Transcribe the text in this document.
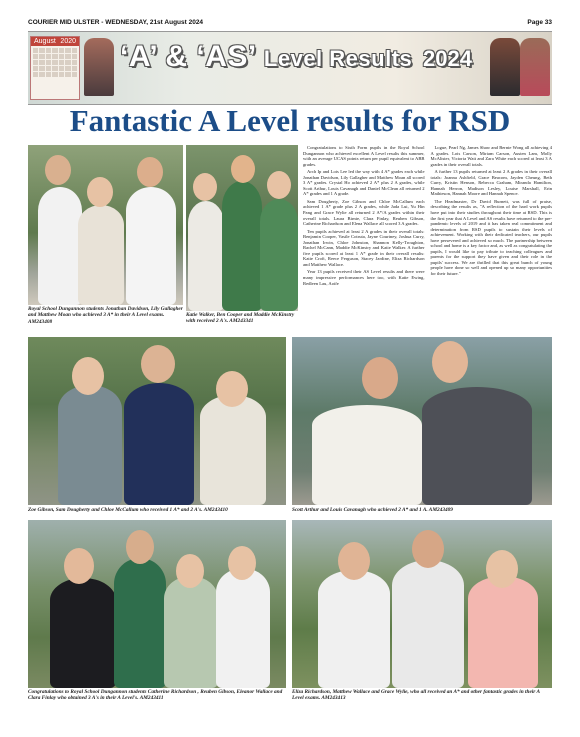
COURIER MID ULSTER - WEDNESDAY, 21st August 2024	Page 33
August 2020 ‘A’ & ‘AS’ Level Results 2024
Fantastic A Level results for RSD
Royal School Dungannon students Jonathan Davidson, Lily Gallagher and Matthew Moan who achieved 3 A* in their A Level exams. AM243408
Katie Walker, Ben Cooper and Maddie McKinstry with received 2 A's. AM243341

Congratulations to Sixth Form pupils in the Royal School Dungannon who achieved excellent A Level results this summer, with an average UCAS points return per pupil equivalent to ABB grades.

Arch Ip and Lois Lee led the way with 4 A* grades each while Jonathan Davidson, Lily Gallagher and Matthew Moan all scored 3 A* grades. Crystal Ho achieved 2 A* plus 2 A grades, while Scott Arthur, Louis Cavanagh and Daniel McClean all returned 2 A* grades and 1 A grade.

Sam Dougherty, Zoe Gibson and Chloe McCallum each achieved 1 A* grade plus 2 A grades, while Jada Lui, Yu Hin Pang and Grace Wylie all returned 2 A*/A grades within their overall totals. Laura Birnie, Clara Finlay, Reuben Gibson, Catherine Richardson and Elena Wallace all scored 3 A grades.

Ten pupils achieved at least 2 A grades in their overall totals: Benjamin Cooper, Vasile Cotruta, Jayne Courtney, Joshua Curry, Jonathan Irwin, Chloe Johnston, Shannon Kelly-Troughton, Rachel McCann, Maddie McKinstry and Katie Walker. A further five pupils scored at least 1 A* grade in their overall results: Katie Croft, Reece Ferguson, Stacey Jardine, Eliza Richardson and Matthew Wallace.

Year 13 pupils received their AS Level results and there were many impressive performances here too, with Katie Ewing, Redleen Lau, Aoife

Logue, Pearl Ng, James Shaw and Bernie Wong all achieving 4 A grades. Lois Carson, Miriam Carson, Austen Lam, Molly McAlister, Victoria Watt and Zara White each scored at least 3 A grades in their overall totals.

A further 13 pupils returned at least 2 A grades in their overall totals: Joanna Ashfield, Grace Beacom, Jayden Cheung, Beth Curry, Kristin Henson, Rebecca Graham, Miranda Hamilton, Hannah Herron, Madison Lesley, Louise Marshall, Erin Mathieson, Hannah Moore and Hannah Spence.

The Headmaster, Dr David Burnett, was full of praise, describing the results as, "A reflection of the hard work pupils have put into their studies throughout their time at RSD. This is the first year that A Level and AS results have returned to the pre-pandemic levels of 2019 and it has taken real commitment and determination from RSD pupils to sustain their levels of achievement. Working with their dedicated teachers, our pupils have persevered and achieved so much. The partnership between school and home is a key factor and, as well as congratulating the pupils, I would like to pay tribute to teaching colleagues and parents for the support they have given and their role in the pupils' success. We are thrilled that this great bunch of young people have done so well and opened up so many opportunities for their future."

Zoe Gibson, Sam Dougherty and Chloe McCallum who received 1 A* and 2 A's. AM243410	Scott Arthur and Louis Cavanagh who achieved 2 A* and 1 A. AM243409
Congratulations to Royal School Dungannon students Catherine Richardson , Reuben Gibson, Eleanor Wallace and Clara Finlay who obtained 3 A's in their A Level's. AM243411
Eliza Richardson, Matthew Wallace and Grace Wylie, who all received an A* and other fantastic grades in their A Level exams. AM243413
